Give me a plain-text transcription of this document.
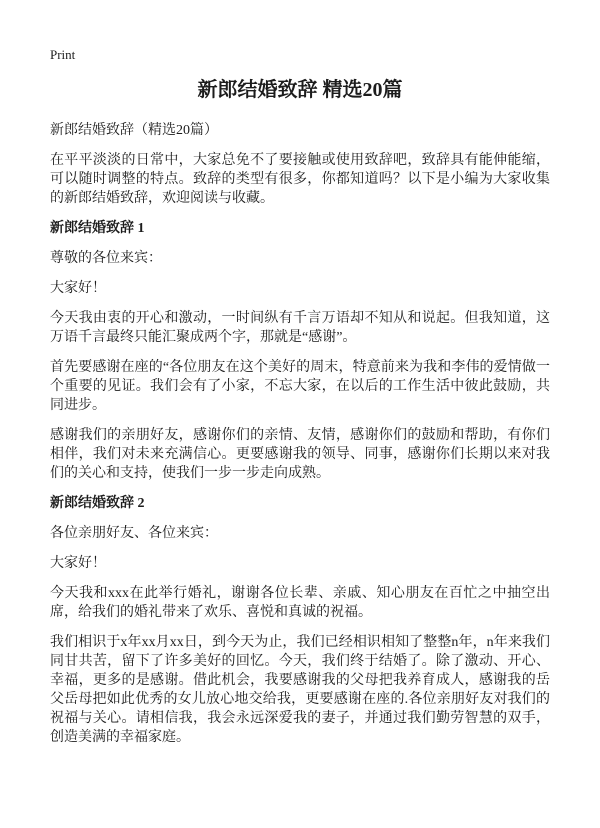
Print
新郎结婚致辞 精选20篇

新郎结婚致辞（精选20篇）

在平平淡淡的日常中，大家总免不了要接触或使用致辞吧，致辞具有能伸能缩，可以随时调整的特点。致辞的类型有很多，你都知道吗？以下是小编为大家收集的新郎结婚致辞，欢迎阅读与收藏。

新郎结婚致辞 1

尊敬的各位来宾：

大家好！

今天我由衷的开心和激动，一时间纵有千言万语却不知从和说起。但我知道，这万语千言最终只能汇聚成两个字，那就是“感谢”。

首先要感谢在座的“各位朋友在这个美好的周末，特意前来为我和李伟的爱情做一个重要的见证。我们会有了小家，不忘大家，在以后的工作生活中彼此鼓励，共同进步。

感谢我们的亲朋好友，感谢你们的亲情、友情，感谢你们的鼓励和帮助，有你们相伴，我们对未来充满信心。更要感谢我的领导、同事，感谢你们长期以来对我们的关心和支持，使我们一步一步走向成熟。

新郎结婚致辞 2

各位亲朋好友、各位来宾：

大家好！

今天我和xxx在此举行婚礼，谢谢各位长辈、亲戚、知心朋友在百忙之中抽空出席，给我们的婚礼带来了欢乐、喜悦和真诚的祝福。

我们相识于x年xx月xx日，到今天为止，我们已经相识相知了整整n年，n年来我们同甘共苦，留下了许多美好的回忆。今天，我们终于结婚了。除了激动、开心、幸福，更多的是感谢。借此机会，我要感谢我的父母把我养育成人，感谢我的岳父岳母把如此优秀的女儿放心地交给我，更要感谢在座的.各位亲朋好友对我们的祝福与关心。请相信我，我会永远深爱我的妻子，并通过我们勤劳智慧的双手，创造美满的幸福家庭。
